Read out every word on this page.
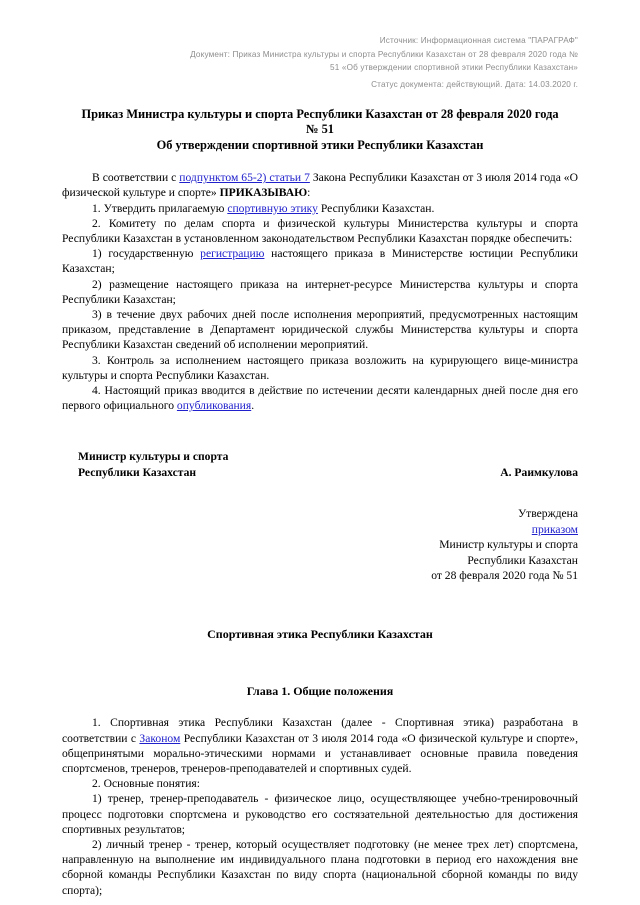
Источник: Информационная система "ПАРАГРАФ"
Документ: Приказ Министра культуры и спорта Республики Казахстан от 28 февраля 2020 года №
51 «Об утверждении спортивной этики Республики Казахстан»
Статус документа: действующий. Дата: 14.03.2020 г.
Приказ Министра культуры и спорта Республики Казахстан от 28 февраля 2020 года
№ 51
Об утверждении спортивной этики Республики Казахстан

В соответствии с подпунктом 65-2) статьи 7 Закона Республики Казахстан от 3 июля 2014 года «О физической культуре и спорте» ПРИКАЗЫВАЮ:

1. Утвердить прилагаемую спортивную этику Республики Казахстан.

2. Комитету по делам спорта и физической культуры Министерства культуры и спорта Республики Казахстан в установленном законодательством Республики Казахстан порядке обеспечить:

1) государственную регистрацию настоящего приказа в Министерстве юстиции Республики Казахстан;

2) размещение настоящего приказа на интернет-ресурсе Министерства культуры и спорта Республики Казахстан;

3) в течение двух рабочих дней после исполнения мероприятий, предусмотренных настоящим приказом, представление в Департамент юридической службы Министерства культуры и спорта Республики Казахстан сведений об исполнении мероприятий.

3. Контроль за исполнением настоящего приказа возложить на курирующего вице-министра культуры и спорта Республики Казахстан.

4. Настоящий приказ вводится в действие по истечении десяти календарных дней после дня его первого официального опубликования.

Министр культуры и спорта
Республики Казахстан	А. Раимкулова
Утверждена
приказом
Министр культуры и спорта
Республики Казахстан
от 28 февраля 2020 года № 51
Спортивная этика Республики Казахстан
Глава 1. Общие положения

1. Спортивная этика Республики Казахстан (далее - Спортивная этика) разработана в соответствии с Законом Республики Казахстан от 3 июля 2014 года «О физической культуре и спорте», общепринятыми морально-этическими нормами и устанавливает основные правила поведения спортсменов, тренеров, тренеров-преподавателей и спортивных судей.

2. Основные понятия:

1) тренер, тренер-преподаватель - физическое лицо, осуществляющее учебно-тренировочный процесс подготовки спортсмена и руководство его состязательной деятельностью для достижения спортивных результатов;

2) личный тренер - тренер, который осуществляет подготовку (не менее трех лет) спортсмена, направленную на выполнение им индивидуального плана подготовки в период его нахождения вне сборной команды Республики Казахстан по виду спорта (национальной сборной команды по виду спорта);
